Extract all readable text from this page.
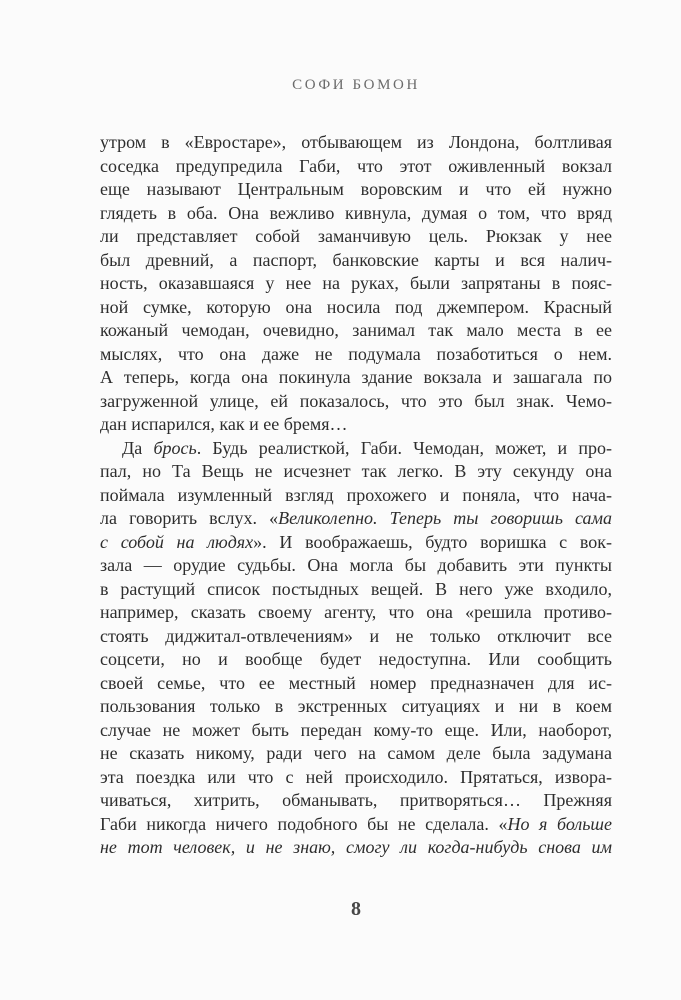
СОФИ БОМОН
утром в «Евростаре», отбывающем из Лондона, болтливая
соседка предупредила Габи, что этот оживленный вокзал
еще называют Центральным воровским и что ей нужно
глядеть в оба. Она вежливо кивнула, думая о том, что вряд
ли представляет собой заманчивую цель. Рюкзак у нее
был древний, а паспорт, банковские карты и вся налич-
ность, оказавшаяся у нее на руках, были запрятаны в пояс-
ной сумке, которую она носила под джемпером. Красный
кожаный чемодан, очевидно, занимал так мало места в ее
мыслях, что она даже не подумала позаботиться о нем.
А теперь, когда она покинула здание вокзала и зашагала по
загруженной улице, ей показалось, что это был знак. Чемо-
дан испарился, как и ее бремя…
Да брось. Будь реалисткой, Габи. Чемодан, может, и про-
пал, но Та Вещь не исчезнет так легко. В эту секунду она
поймала изумленный взгляд прохожего и поняла, что нача-
ла говорить вслух. «Великолепно. Теперь ты говоришь сама
с собой на людях». И воображаешь, будто воришка с вок-
зала — орудие судьбы. Она могла бы добавить эти пункты
в растущий список постыдных вещей. В него уже входило,
например, сказать своему агенту, что она «решила противо-
стоять диджитал-отвлечениям» и не только отключит все
соцсети, но и вообще будет недоступна. Или сообщить
своей семье, что ее местный номер предназначен для ис-
пользования только в экстренных ситуациях и ни в коем
случае не может быть передан кому-то еще. Или, наоборот,
не сказать никому, ради чего на самом деле была задумана
эта поездка или что с ней происходило. Прятаться, извора-
чиваться, хитрить, обманывать, притворяться… Прежняя
Габи никогда ничего подобного бы не сделала. «Но я больше
не тот человек, и не знаю, смогу ли когда-нибудь снова им
8
